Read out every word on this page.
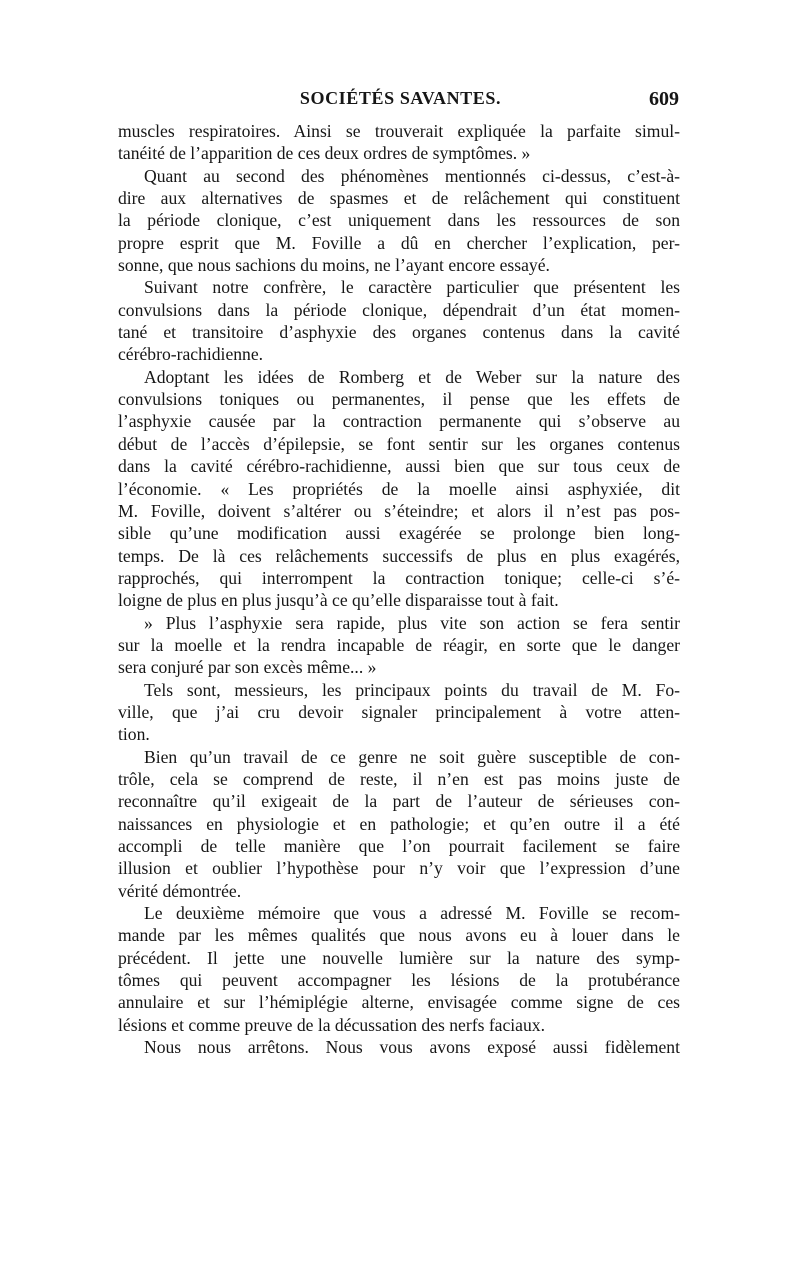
SOCIÉTÉS SAVANTES.	609
muscles respiratoires. Ainsi se trouverait expliquée la parfaite simul-
tanéité de l’apparition de ces deux ordres de symptômes. »
Quant au second des phénomènes mentionnés ci-dessus, c’est-à-
dire aux alternatives de spasmes et de relâchement qui constituent
la période clonique, c’est uniquement dans les ressources de son
propre esprit que M. Foville a dû en chercher l’explication, per-
sonne, que nous sachions du moins, ne l’ayant encore essayé.
Suivant notre confrère, le caractère particulier que présentent les
convulsions dans la période clonique, dépendrait d’un état momen-
tané et transitoire d’asphyxie des organes contenus dans la cavité
cérébro-rachidienne.
Adoptant les idées de Romberg et de Weber sur la nature des
convulsions toniques ou permanentes, il pense que les effets de
l’asphyxie causée par la contraction permanente qui s’observe au
début de l’accès d’épilepsie, se font sentir sur les organes contenus
dans la cavité cérébro-rachidienne, aussi bien que sur tous ceux de
l’économie. « Les propriétés de la moelle ainsi asphyxiée, dit
M. Foville, doivent s’altérer ou s’éteindre; et alors il n’est pas pos-
sible qu’une modification aussi exagérée se prolonge bien long-
temps. De là ces relâchements successifs de plus en plus exagérés,
rapprochés, qui interrompent la contraction tonique; celle-ci s’é-
loigne de plus en plus jusqu’à ce qu’elle disparaisse tout à fait.
» Plus l’asphyxie sera rapide, plus vite son action se fera sentir
sur la moelle et la rendra incapable de réagir, en sorte que le danger
sera conjuré par son excès même... »
Tels sont, messieurs, les principaux points du travail de M. Fo-
ville, que j’ai cru devoir signaler principalement à votre atten-
tion.
Bien qu’un travail de ce genre ne soit guère susceptible de con-
trôle, cela se comprend de reste, il n’en est pas moins juste de
reconnaître qu’il exigeait de la part de l’auteur de sérieuses con-
naissances en physiologie et en pathologie; et qu’en outre il a été
accompli de telle manière que l’on pourrait facilement se faire
illusion et oublier l’hypothèse pour n’y voir que l’expression d’une
vérité démontrée.
Le deuxième mémoire que vous a adressé M. Foville se recom-
mande par les mêmes qualités que nous avons eu à louer dans le
précédent. Il jette une nouvelle lumière sur la nature des symp-
tômes qui peuvent accompagner les lésions de la protubérance
annulaire et sur l’hémiplégie alterne, envisagée comme signe de ces
lésions et comme preuve de la décussation des nerfs faciaux.
Nous nous arrêtons. Nous vous avons exposé aussi fidèlement
